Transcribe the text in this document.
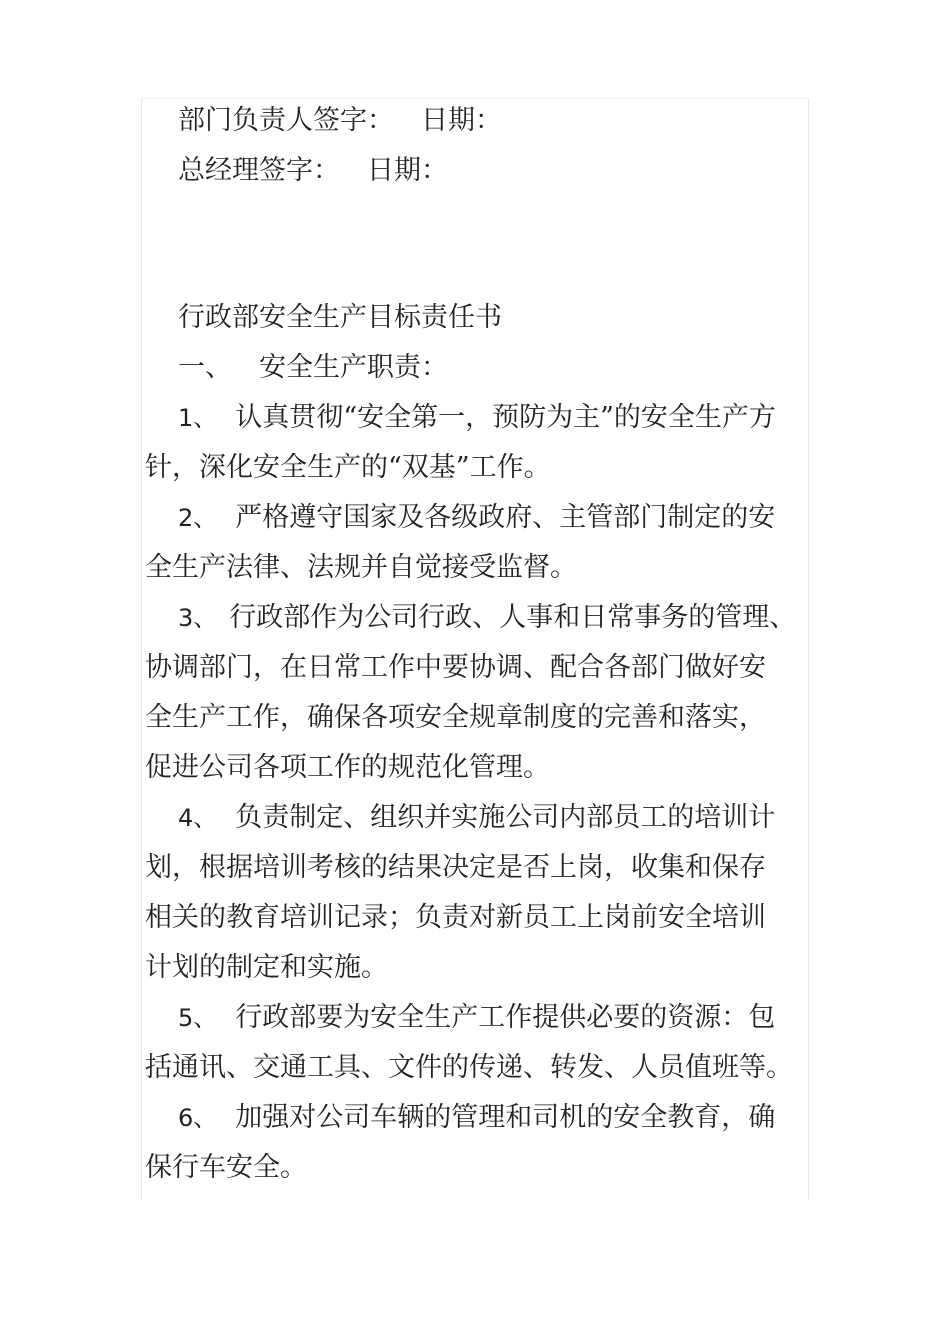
部门负责人签字： 日期：
总经理签字： 日期：
行政部安全生产目标责任书
一、 安全生产职责：
1、 认真贯彻“安全第一，预防为主”的安全生产方
针，深化安全生产的“双基”工作。
2、 严格遵守国家及各级政府、主管部门制定的安
全生产法律、法规并自觉接受监督。
3、 行政部作为公司行政、人事和日常事务的管理、
协调部门，在日常工作中要协调、配合各部门做好安
全生产工作，确保各项安全规章制度的完善和落实，
促进公司各项工作的规范化管理。
4、 负责制定、组织并实施公司内部员工的培训计
划，根据培训考核的结果决定是否上岗，收集和保存
相关的教育培训记录；负责对新员工上岗前安全培训
计划的制定和实施。
5、 行政部要为安全生产工作提供必要的资源：包
括通讯、交通工具、文件的传递、转发、人员值班等。
6、 加强对公司车辆的管理和司机的安全教育，确
保行车安全。
